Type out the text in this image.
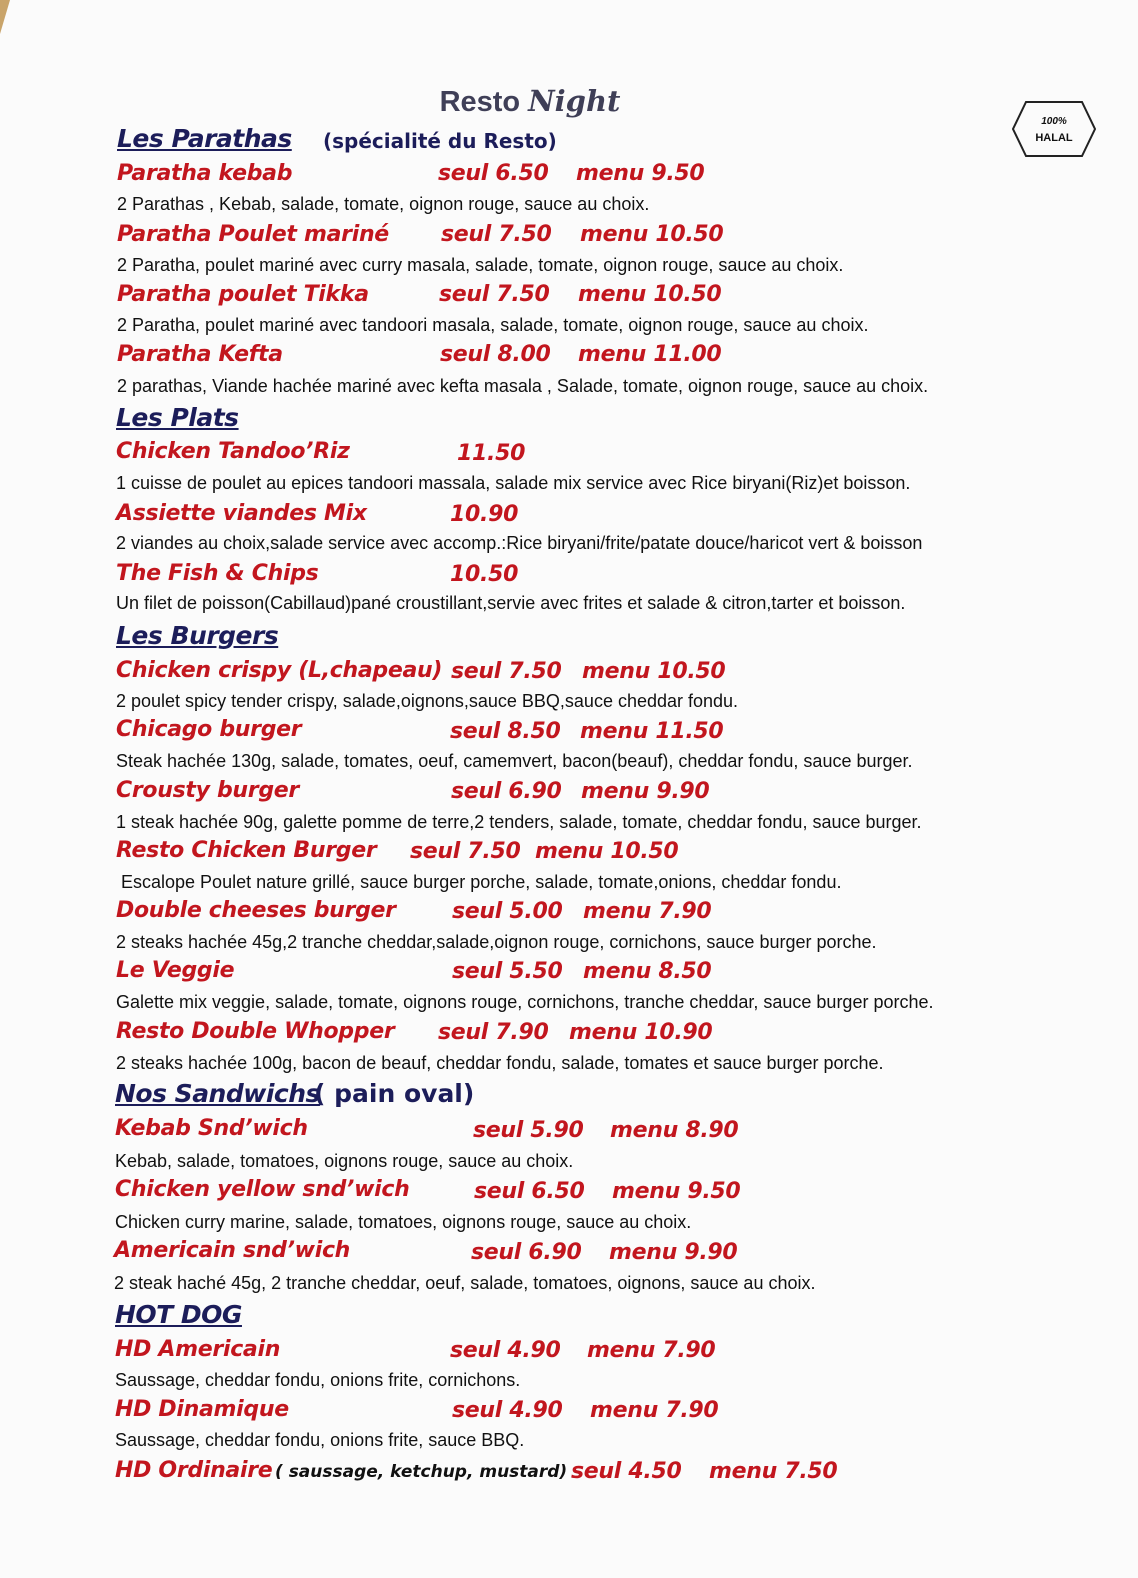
Resto Night
100%
HALAL
Les Parathas (spécialité du Resto)
Paratha kebab	seul 6.50 menu 9.50
2 Parathas , Kebab, salade, tomate, oignon rouge, sauce au choix.
Paratha Poulet mariné seul 7.50 menu 10.50
2 Paratha, poulet mariné avec curry masala, salade, tomate, oignon rouge, sauce au choix.
Paratha poulet Tikka	seul 7.50 menu 10.50
2 Paratha, poulet mariné avec tandoori masala, salade, tomate, oignon rouge, sauce au choix.
Paratha Kefta	seul 8.00 menu 11.00
2 parathas, Viande hachée mariné avec kefta masala , Salade, tomate, oignon rouge, sauce au choix.
Les Plats
Chicken Tandoo’Riz	11.50
1 cuisse de poulet au epices tandoori massala, salade mix service avec Rice biryani(Riz)et boisson.
Assiette viandes Mix	10.90
2 viandes au choix,salade service avec accomp.:Rice biryani/frite/patate douce/haricot vert & boisson
The Fish & Chips	10.50
Un filet de poisson(Cabillaud)pané croustillant,servie avec frites et salade & citron,tarter et boisson.
Les Burgers
Chicken crispy (L,chapeau) seul 7.50 menu 10.50
2 poulet spicy tender crispy, salade,oignons,sauce BBQ,sauce cheddar fondu.
Chicago burger	seul 8.50 menu 11.50
Steak hachée 130g, salade, tomates, oeuf, camemvert, bacon(beauf), cheddar fondu, sauce burger.
Crousty burger	seul 6.90 menu 9.90
1 steak hachée 90g, galette pomme de terre,2 tenders, salade, tomate, cheddar fondu, sauce burger.
Resto Chicken Burger seul 7.50 menu 10.50
Escalope Poulet nature grillé, sauce burger porche, salade, tomate,onions, cheddar fondu.
Double cheeses burger	seul 5.00 menu 7.90
2 steaks hachée 45g,2 tranche cheddar,salade,oignon rouge, cornichons, sauce burger porche.
Le Veggie	seul 5.50 menu 8.50
Galette mix veggie, salade, tomate, oignons rouge, cornichons, tranche cheddar, sauce burger porche.
Resto Double Whopper seul 7.90 menu 10.90
2 steaks hachée 100g, bacon de beauf, cheddar fondu, salade, tomates et sauce burger porche.
Nos Sandwichs
( pain oval)
Kebab Snd’wich	seul 5.90 menu 8.90
Kebab, salade, tomatoes, oignons rouge, sauce au choix.
Chicken yellow snd’wich	seul 6.50 menu 9.50
Chicken curry marine, salade, tomatoes, oignons rouge, sauce au choix.
Americain snd’wich	seul 6.90 menu 9.90
2 steak haché 45g, 2 tranche cheddar, oeuf, salade, tomatoes, oignons, sauce au choix.
HOT DOG
HD Americain	seul 4.90 menu 7.90
Saussage, cheddar fondu, onions frite, cornichons.
HD Dinamique	seul 4.90 menu 7.90
Saussage, cheddar fondu, onions frite, sauce BBQ.
HD Ordinaire ( saussage, ketchup, mustard) seul 4.50 menu 7.50
